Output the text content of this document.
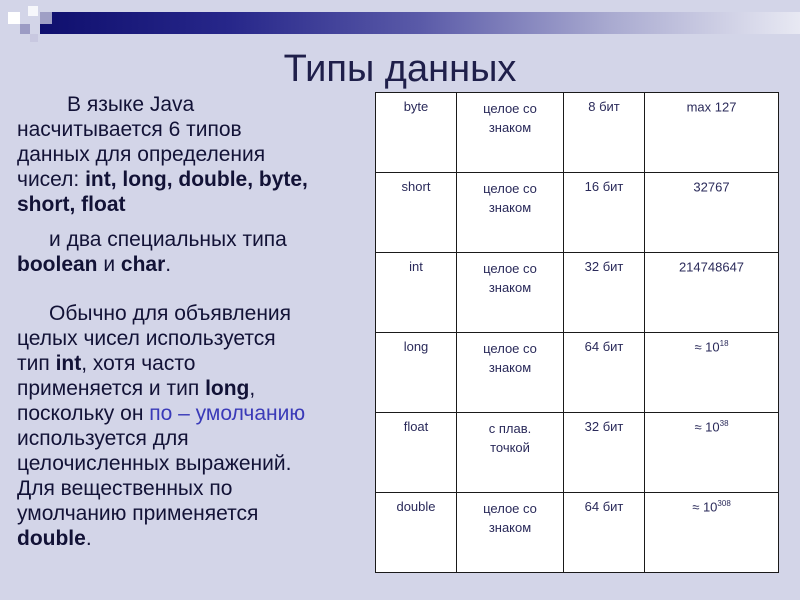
Типы данных

В языке Java
насчитывается 6 типов
данных для определения
чисел: int, long, double, byte,
short, float

и два специальных типа
boolean и char.

Обычно для объявления
целых чисел используется
тип int, хотя часто
применяется и тип long,
поскольку он по – умолчанию
используется для
целочисленных выражений.
Для вещественных по
умолчанию применяется
double.

byte	целое со
знаком	8 бит	max 127
short	целое со
знаком	16 бит	32767
int	целое со
знаком	32 бит	214748647
long	целое со
знаком	64 бит	≈ $10^{18}$
float	с плав.
точкой	32 бит	≈ $10^{38}$
double	целое со
знаком	64 бит	≈ $10^{308}$
